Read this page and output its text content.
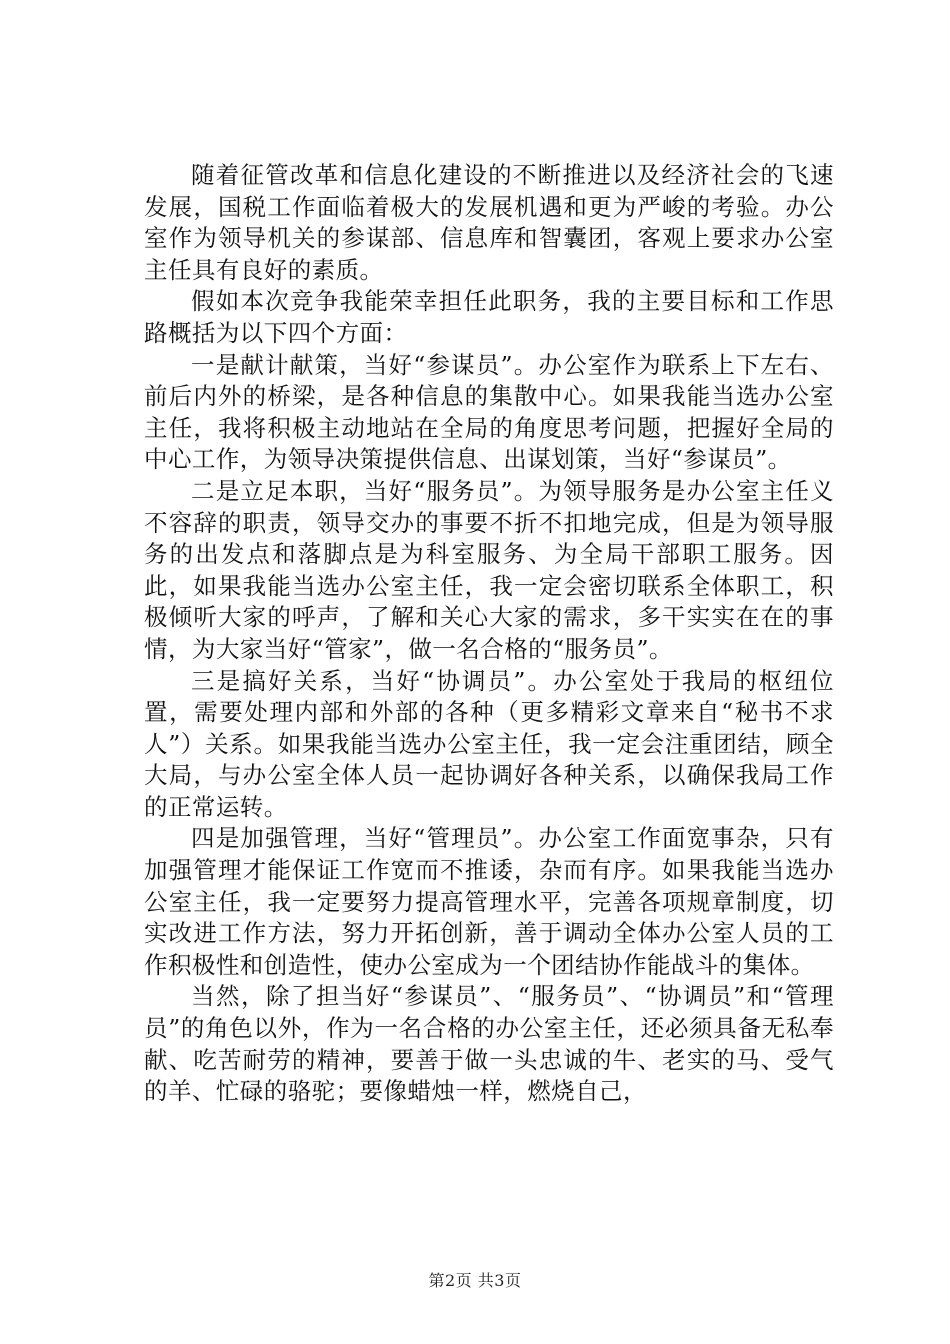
随着征管改革和信息化建设的不断推进以及经济社会的飞速发展，国税工作面临着极大的发展机遇和更为严峻的考验。办公室作为领导机关的参谋部、信息库和智囊团，客观上要求办公室主任具有良好的素质。

假如本次竞争我能荣幸担任此职务，我的主要目标和工作思路概括为以下四个方面：

一是献计献策，当好“参谋员”。办公室作为联系上下左右、前后内外的桥梁，是各种信息的集散中心。如果我能当选办公室主任，我将积极主动地站在全局的角度思考问题，把握好全局的中心工作，为领导决策提供信息、出谋划策，当好“参谋员”。

二是立足本职，当好“服务员”。为领导服务是办公室主任义不容辞的职责，领导交办的事要不折不扣地完成，但是为领导服务的出发点和落脚点是为科室服务、为全局干部职工服务。因此，如果我能当选办公室主任，我一定会密切联系全体职工，积极倾听大家的呼声，了解和关心大家的需求，多干实实在在的事情，为大家当好“管家”，做一名合格的“服务员”。

三是搞好关系，当好“协调员”。办公室处于我局的枢纽位置，需要处理内部和外部的各种（更多精彩文章来自“秘书不求人”）关系。如果我能当选办公室主任，我一定会注重团结，顾全大局，与办公室全体人员一起协调好各种关系，以确保我局工作的正常运转。

四是加强管理，当好“管理员”。办公室工作面宽事杂，只有加强管理才能保证工作宽而不推诿，杂而有序。如果我能当选办公室主任，我一定要努力提高管理水平，完善各项规章制度，切实改进工作方法，努力开拓创新，善于调动全体办公室人员的工作积极性和创造性，使办公室成为一个团结协作能战斗的集体。

当然，除了担当好“参谋员”、“服务员”、“协调员”和“管理员”的角色以外，作为一名合格的办公室主任，还必须具备无私奉献、吃苦耐劳的精神，要善于做一头忠诚的牛、老实的马、受气的羊、忙碌的骆驼；要像蜡烛一样，燃烧自己，

第2页 共3页
